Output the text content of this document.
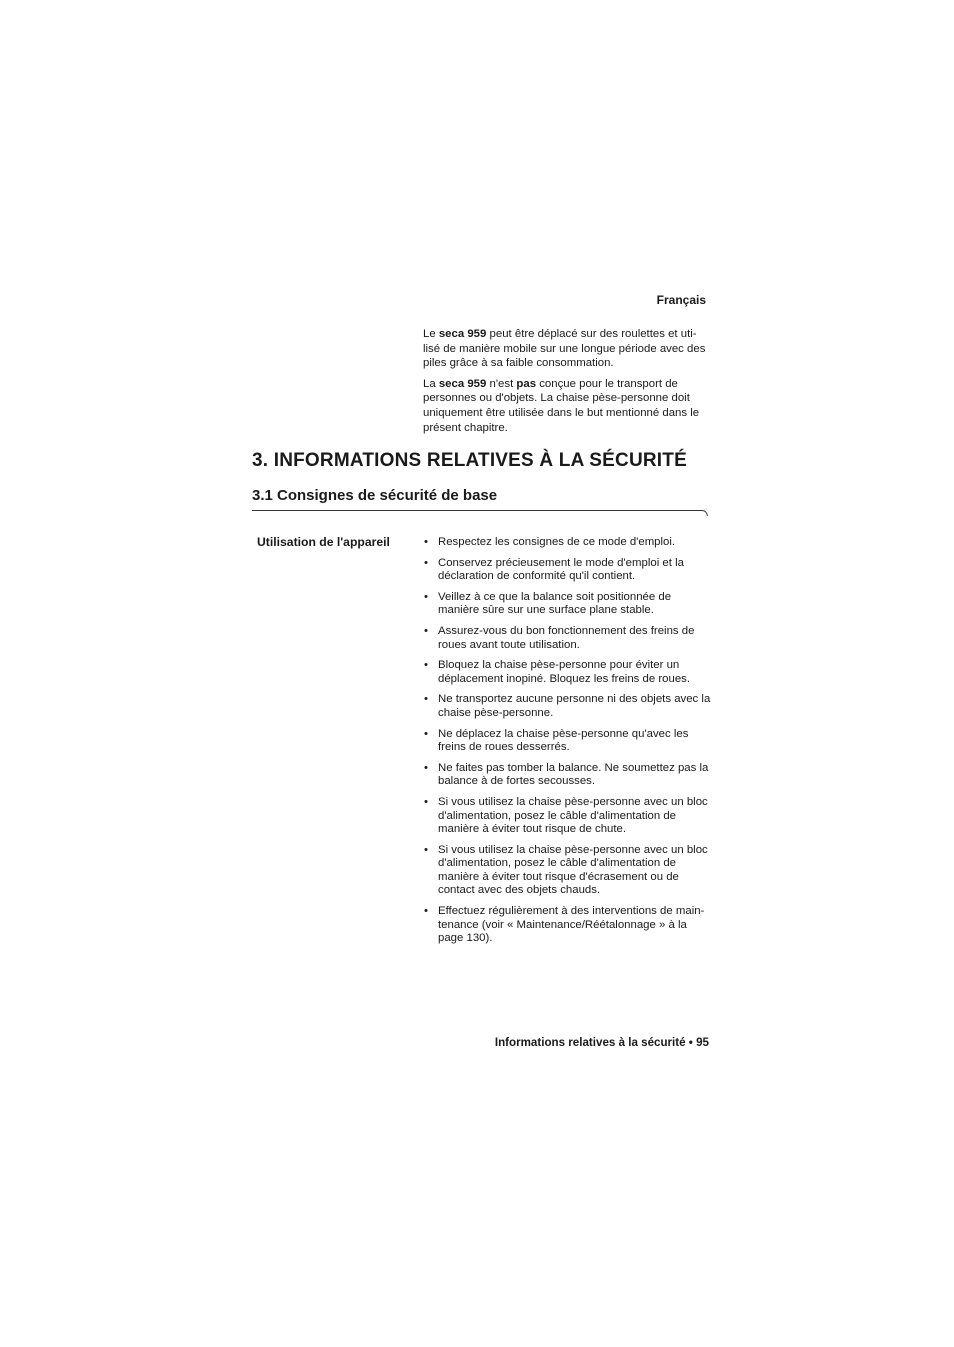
Français

Le seca 959 peut être déplacé sur des roulettes et uti-lisé de manière mobile sur une longue période avec des piles grâce à sa faible consommation.

La seca 959 n'est pas conçue pour le transport de personnes ou d'objets. La chaise pèse-personne doit uniquement être utilisée dans le but mentionné dans le présent chapitre.

3. INFORMATIONS RELATIVES À LA SÉCURITÉ
3.1 Consignes de sécurité de base
Utilisation de l'appareil	• Respectez les consignes de ce mode d'emploi.
• Conservez précieusement le mode d'emploi et la déclaration de conformité qu'il contient.
• Veillez à ce que la balance soit positionnée de manière sûre sur une surface plane stable.
• Assurez-vous du bon fonctionnement des freins de roues avant toute utilisation.
• Bloquez la chaise pèse-personne pour éviter un déplacement inopiné. Bloquez les freins de roues.
• Ne transportez aucune personne ni des objets avec la chaise pèse-personne.
• Ne déplacez la chaise pèse-personne qu'avec les freins de roues desserrés.
• Ne faites pas tomber la balance. Ne soumettez pas la balance à de fortes secousses.
• Si vous utilisez la chaise pèse-personne avec un bloc d'alimentation, posez le câble d'alimentation de manière à éviter tout risque de chute.
• Si vous utilisez la chaise pèse-personne avec un bloc d'alimentation, posez le câble d'alimentation de manière à éviter tout risque d'écrasement ou de contact avec des objets chauds.
• Effectuez régulièrement à des interventions de main-tenance (voir « Maintenance/Réétalonnage » à la page 130).
Informations relatives à la sécurité • 95
